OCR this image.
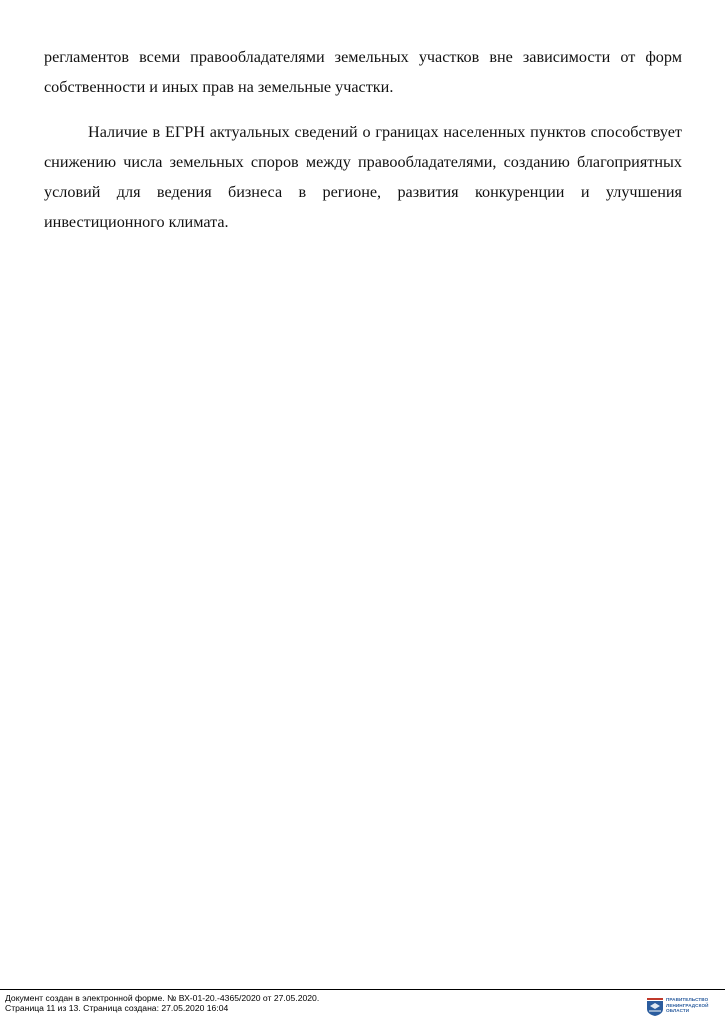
регламентов всеми правообладателями земельных участков вне зависимости от форм собственности и иных прав на земельные участки.

Наличие в ЕГРН актуальных сведений о границах населенных пунктов способствует снижению числа земельных споров между правообладателями, созданию благоприятных условий для ведения бизнеса в регионе, развития конкуренции и улучшения инвестиционного климата.

Документ создан в электронной форме. № ВХ-01-20.-4365/2020 от 27.05.2020.
Страница 11 из 13. Страница создана: 27.05.2020 16:04
ПРАВИТЕЛЬСТВО
ЛЕНИНГРАДСКОЙ
ОБЛАСТИ
